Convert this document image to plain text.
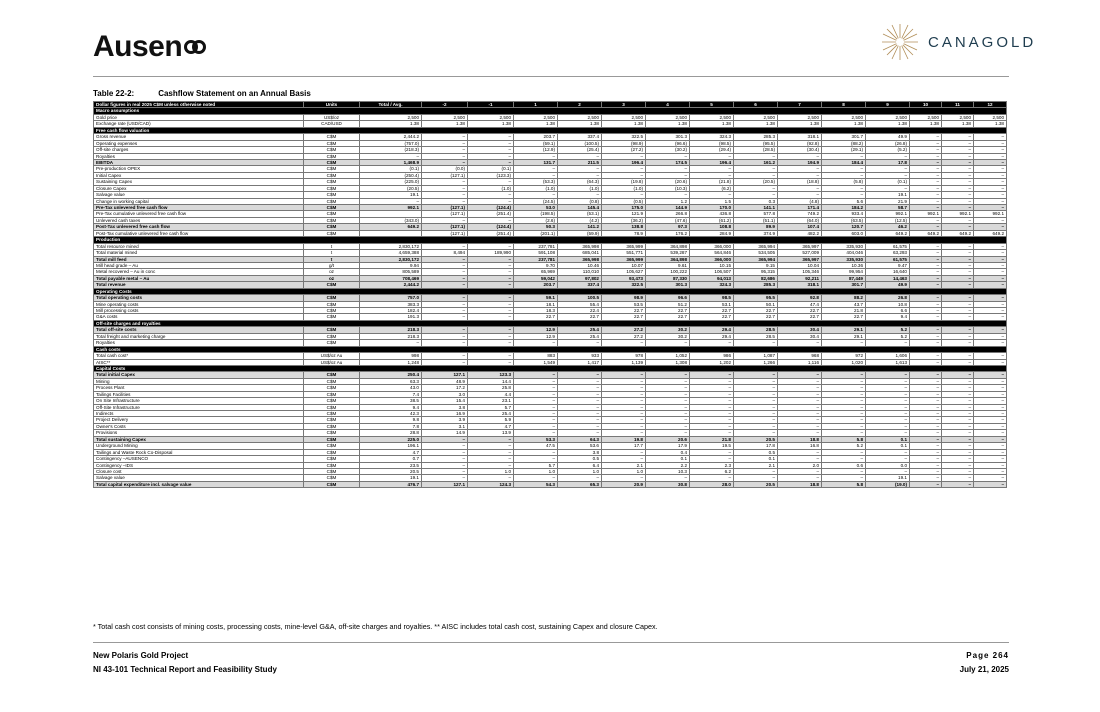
Ausen	CANAGOLD
Table 22-2:	Cashflow Statement on an Annual Basis
Dollar figures in real 2025 C$M unless otherwise noted	Units	Total / Avg.	-2	-1	1	2	3	4	5	6	7	8	9	10	11	12
Macro assumptions																
Gold price	US$/oz	2,500	2,500	2,500	2,500	2,500	2,500	2,500	2,500	2,500	2,500	2,500	2,500	2,500	2,500	2,500
Exchange rate (USD/CAD)	CAD/USD	1.38	1.38	1.38	1.38	1.38	1.38	1.38	1.38	1.38	1.38	1.38	1.38	1.38	1.38	1.38
Free cash flow valuation																
Gross revenue	C$M	2,444.2	–	–	203.7	337.4	322.5	301.3	324.3	285.3	318.1	301.7	49.9	–	–	–
Operating expenses	C$M	(757.0)	–	–	(59.1)	(100.5)	(98.9)	(96.6)	(98.5)	(95.5)	(92.8)	(88.2)	(26.8)	–	–	–
Off-site charges	C$M	(218.3)	–	–	(12.9)	(25.4)	(27.2)	(30.2)	(29.4)	(28.5)	(30.4)	(29.1)	(5.2)	–	–	–
Royalties	C$M	–	–	–	–	–	–	–	–	–	–	–	–	–	–	–
EBITDA	C$M	1,468.9	–	–	131.7	211.5	196.4	174.5	196.4	161.2	194.9	184.4	17.8	–	–	–
Pre-production OPEX	C$M	(0.1)	(0.0)	(0.1)	–	–	–	–	–	–	–	–	–	–	–	–
Initial Capex	C$M	(250.4)	(127.1)	(123.3)	–	–	–	–	–	–	–	–	–	–	–	–
Sustaining Capex	C$M	(225.0)	–	–	(53.3)	(64.3)	(19.8)	(20.6)	(21.8)	(20.5)	(18.8)	(5.8)	(0.1)	–	–	–
Closure Capex	C$M	(20.5)	–	(1.0)	(1.0)	(1.0)	(1.0)	(10.3)	(6.2)	–	–	–	–	–	–	–
Salvage value	C$M	19.1	–	–	–	–	–	–	–	–	–	–	19.1	–	–	–
Change in working capital	C$M	–	–	–	(24.5)	(0.8)	(0.5)	1.2	1.5	0.3	(4.8)	5.6	21.9	–	–	–
Pre-Tax unlevered free cash flow	C$M	992.1	(127.1)	(124.4)	53.0	145.4	175.0	144.9	170.0	141.1	171.4	184.2	58.7	–	–	–
Pre-Tax cumulative unlevered free cash flow	C$M		(127.1)	(251.4)	(198.5)	(53.1)	121.9	266.8	436.8	577.8	749.2	933.4	992.1	992.1	992.1	992.1
Unlevered cash taxes	C$M	(343.0)	–	–	(2.6)	(4.2)	(36.2)	(47.6)	(61.2)	(51.1)	(64.0)	(63.5)	(12.5)	–	–	–
Post-Tax unlevered free cash flow	C$M	649.2	(127.1)	(124.4)	50.3	141.2	138.8	97.3	108.8	89.9	107.4	120.7	46.2	–	–	–
Post-Tax cumulative unlevered free cash flow	C$M		(127.1)	(251.4)	(201.1)	(59.9)	78.9	176.2	284.9	374.9	482.2	603.0	649.2	649.2	649.2	649.2
Production																
Total resource mined	t	2,830,172	–	–	237,781	365,998	365,999	364,898	366,000	365,994	365,997	335,930	61,575	–	–	–
Total material mined	t	4,659,388	8,494	189,990	591,108	685,041	551,771	539,287	564,846	534,505	527,009	404,046	63,293	–	–	–
Total mill feed	t	2,830,172	–	–	237,781	365,998	365,999	364,898	366,000	365,994	365,997	335,930	61,575	–	–	–
Mill head grade – Au	g/t	9.94	–	–	9.70	10.46	10.07	9.61	10.15	9.15	10.04	10.36	9.47	–	–	–
Metal recovered – Au in conc	oz	805,589	–	–	65,969	110,010	105,627	100,222	106,507	95,315	105,346	99,954	16,640	–	–	–
Total payable metal – Au	oz	708,469	–	–	59,042	97,802	93,473	87,330	94,013	82,686	92,211	87,449	14,463	–	–	–
Total revenue	C$M	2,444.2	–	–	203.7	337.4	322.5	301.3	324.3	285.3	318.1	301.7	49.9	–	–	–
Operating Costs																
Total operating costs	C$M	757.0	–	–	59.1	100.5	98.9	96.6	98.5	95.5	92.8	88.2	26.8	–	–	–
Mine operating costs	C$M	383.3	–	–	18.1	55.4	53.5	51.2	53.1	50.1	47.4	43.7	10.8	–	–	–
Mill processing costs	C$M	182.4	–	–	18.3	22.4	22.7	22.7	22.7	22.7	22.7	21.8	6.6	–	–	–
G&A costs	C$M	191.3	–	–	22.7	22.7	22.7	22.7	22.7	22.7	22.7	22.7	9.4	–	–	–
Off-site charges and royalties																
Total off-site costs	C$M	218.3	–	–	12.9	25.4	27.2	30.2	29.4	28.5	30.4	29.1	5.2	–	–	–
Total freight and marketing charge	C$M	218.3	–	–	12.9	25.4	27.2	30.2	29.4	28.5	30.4	29.1	5.2	–	–	–
Royalties	C$M	–	–	–	–	–	–	–	–	–	–	–	–	–	–	–
Cash costs																
Total cash cost*	US$/oz Au	998	–	–	883	933	978	1,052	986	1,087	968	972	1,606	–	–	–
AISC**	US$/oz Au	1,248	–	–	1,549	1,417	1,139	1,308	1,202	1,266	1,116	1,020	1,613	–	–	–
Capital Costs																
Total initial Capex	C$M	250.4	127.1	123.3	–	–	–	–	–	–	–	–	–	–	–	–
Mining	C$M	63.3	48.9	14.4	–	–	–	–	–	–	–	–	–	–	–	–
Process Plant	C$M	43.0	17.2	25.8	–	–	–	–	–	–	–	–	–	–	–	–
Tailings Facilities	C$M	7.4	3.0	4.4	–	–	–	–	–	–	–	–	–	–	–	–
On Site Infrastructure	C$M	38.5	15.4	23.1	–	–	–	–	–	–	–	–	–	–	–	–
Off-Site Infrastructure	C$M	9.4	3.8	5.7	–	–	–	–	–	–	–	–	–	–	–	–
Indirects	C$M	42.3	16.9	25.4	–	–	–	–	–	–	–	–	–	–	–	–
Project Delivery	C$M	9.8	3.9	5.9	–	–	–	–	–	–	–	–	–	–	–	–
Owner's Costs	C$M	7.8	3.1	4.7	–	–	–	–	–	–	–	–	–	–	–	–
Provisions	C$M	28.8	14.9	13.9	–	–	–	–	–	–	–	–	–	–	–	–
Total sustaining Capex	C$M	225.0	–	–	53.3	64.3	19.8	20.6	21.8	20.5	18.8	5.8	0.1	–	–	–
Underground Mining	C$M	196.1	–	–	47.5	53.6	17.7	17.9	19.5	17.8	16.8	5.2	0.1	–	–	–
Tailings and Waste Rock Co-Disposal	C$M	4.7	–	–	–	3.8	–	0.4	–	0.5	–	–	–	–	–	–
Contingency –AUSENCO	C$M	0.7	–	–	–	0.5	–	0.1	–	0.1	–	–	–	–	–	–
Contingency –IDS	C$M	23.5	–	–	5.7	6.4	2.1	2.2	2.3	2.1	2.0	0.6	0.0	–	–	–
Closure cost	C$M	20.5	–	1.0	1.0	1.0	1.0	10.3	6.2	–	–	–	–	–	–	–
Salvage value	C$M	19.1	–	–	–	–	–	–	–	–	–	–	19.1	–	–	–
Total capital expenditure incl. salvage value	C$M	476.7	127.1	124.3	54.3	65.3	20.9	30.8	28.0	20.5	18.8	5.8	(19.0)	–	–	–
* Total cash cost consists of mining costs, processing costs, mine-level G&A, off-site charges and royalties. ** AISC includes total cash cost, sustaining Capex and closure Capex.
New Polaris Gold Project
NI 43-101 Technical Report and Feasibility Study
Page 264
July 21, 2025
